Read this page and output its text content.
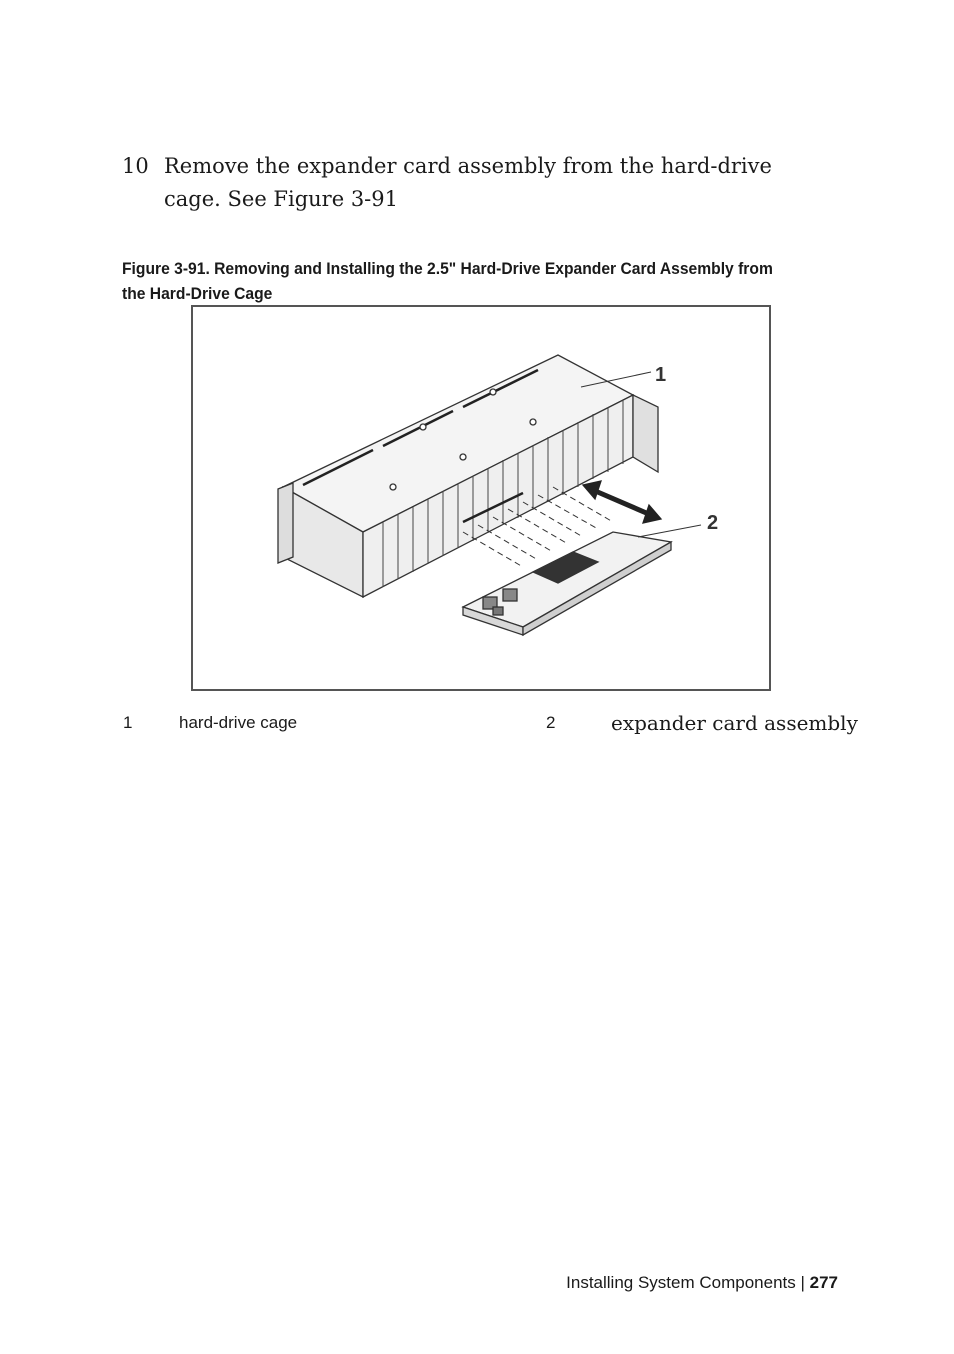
10 Remove the expander card assembly from the hard-drive cage. See Figure 3-91
Figure 3-91. Removing and Installing the 2.5" Hard-Drive Expander Card Assembly from the Hard-Drive Cage
1
2
1	hard-drive cage	2	expander card assembly
Installing System Components | 277
